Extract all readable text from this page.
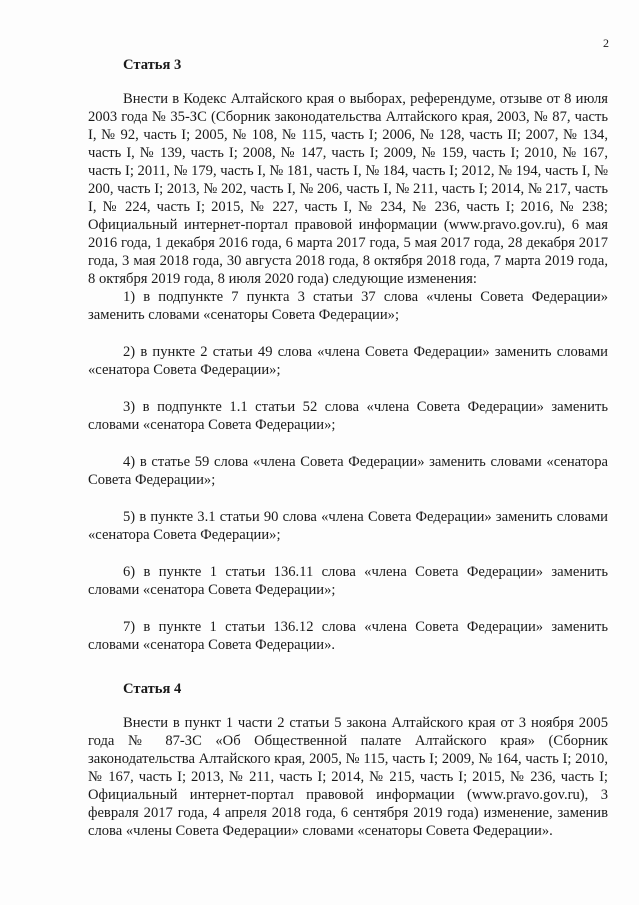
2

Статья 3

Внести в Кодекс Алтайского края о выборах, референдуме, отзыве от 8 июля 2003 года № 35-ЗС (Сборник законодательства Алтайского края, 2003, № 87, часть I, № 92, часть I; 2005, № 108, № 115, часть I; 2006, № 128, часть II; 2007, № 134, часть I, № 139, часть I; 2008, № 147, часть I; 2009, № 159, часть I; 2010, № 167, часть I; 2011, № 179, часть I, № 181, часть I, № 184, часть I; 2012, № 194, часть I, № 200, часть I; 2013, № 202, часть I, № 206, часть I, № 211, часть I; 2014, № 217, часть I, № 224, часть I; 2015, № 227, часть I, № 234, № 236, часть I; 2016, № 238; Официальный интернет-портал правовой информации (www.pravo.gov.ru), 6 мая 2016 года, 1 декабря 2016 года, 6 марта 2017 года, 5 мая 2017 года, 28 декабря 2017 года, 3 мая 2018 года, 30 августа 2018 года, 8 октября 2018 года, 7 марта 2019 года, 8 октября 2019 года, 8 июля 2020 года) следующие изменения:

1) в подпункте 7 пункта 3 статьи 37 слова «члены Совета Федерации» заменить словами «сенаторы Совета Федерации»;

2) в пункте 2 статьи 49 слова «члена Совета Федерации» заменить словами «сенатора Совета Федерации»;

3) в подпункте 1.1 статьи 52 слова «члена Совета Федерации» заменить словами «сенатора Совета Федерации»;

4) в статье 59 слова «члена Совета Федерации» заменить словами «сенатора Совета Федерации»;

5) в пункте 3.1 статьи 90 слова «члена Совета Федерации» заменить словами «сенатора Совета Федерации»;

6) в пункте 1 статьи 136.11 слова «члена Совета Федерации» заменить словами «сенатора Совета Федерации»;

7) в пункте 1 статьи 136.12 слова «члена Совета Федерации» заменить словами «сенатора Совета Федерации».

Статья 4

Внести в пункт 1 части 2 статьи 5 закона Алтайского края от 3 ноября 2005 года № 87-ЗС «Об Общественной палате Алтайского края» (Сборник законодательства Алтайского края, 2005, № 115, часть I; 2009, № 164, часть I; 2010, № 167, часть I; 2013, № 211, часть I; 2014, № 215, часть I; 2015, № 236, часть I; Официальный интернет-портал правовой информации (www.pravo.gov.ru), 3 февраля 2017 года, 4 апреля 2018 года, 6 сентября 2019 года) изменение, заменив слова «члены Совета Федерации» словами «сенаторы Совета Федерации».
